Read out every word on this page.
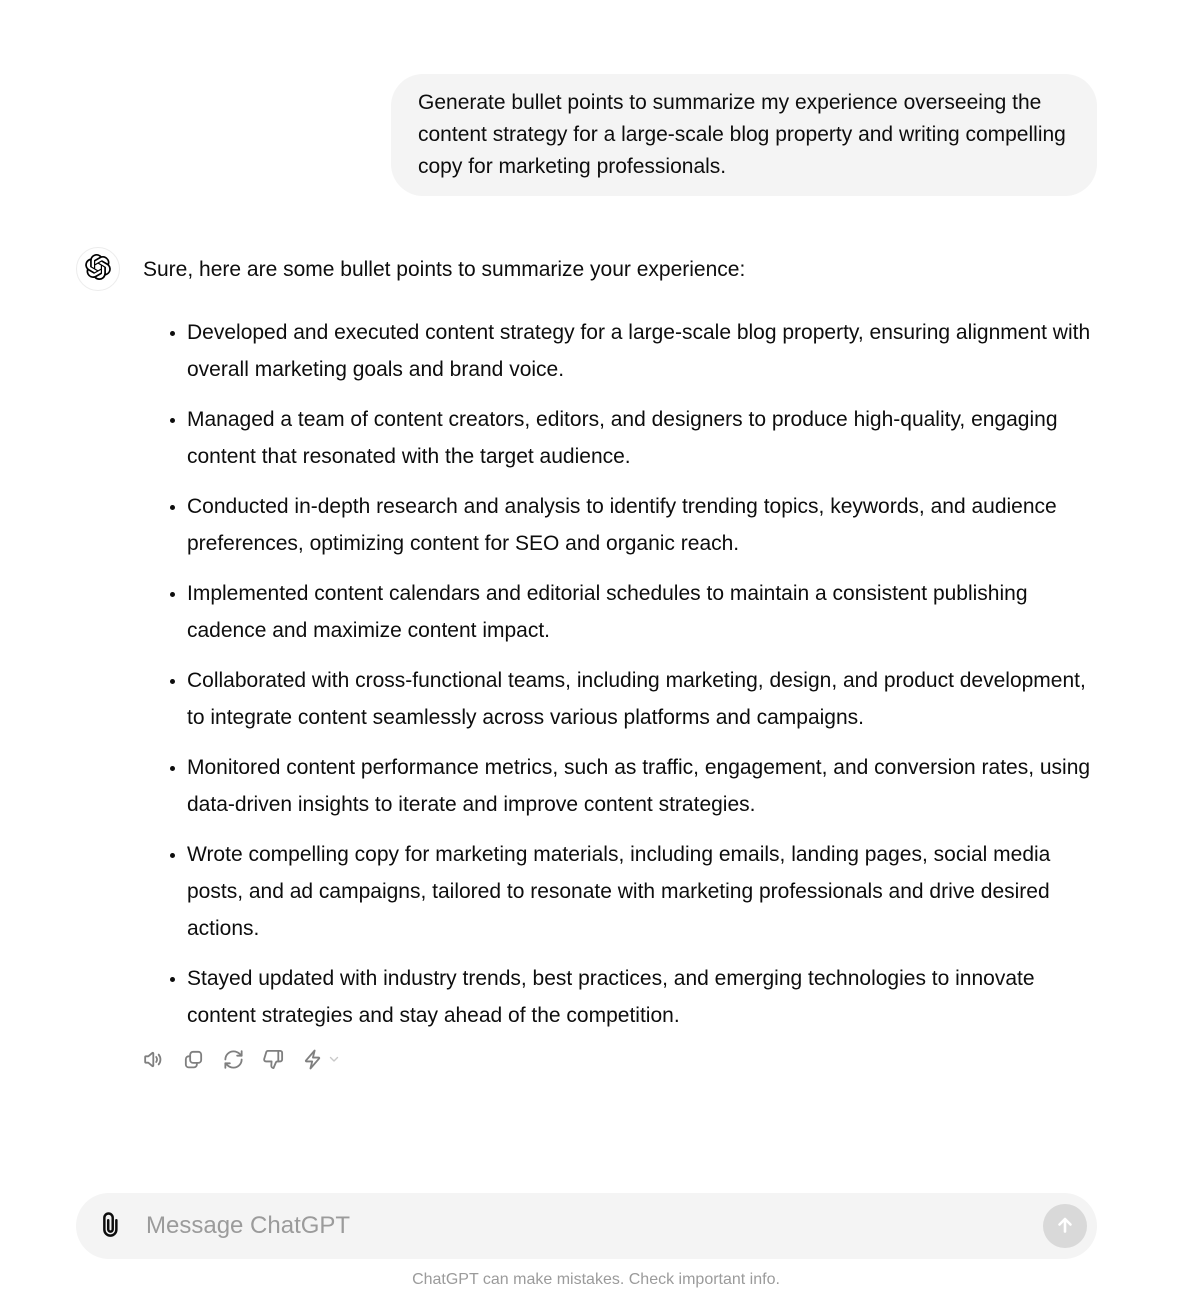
Generate bullet points to summarize my experience overseeing the content strategy for a large-scale blog property and writing compelling copy for marketing professionals.

Sure, here are some bullet points to summarize your experience:

• Developed and executed content strategy for a large-scale blog property, ensuring alignment with overall marketing goals and brand voice.
• Managed a team of content creators, editors, and designers to produce high-quality, engaging content that resonated with the target audience.
• Conducted in-depth research and analysis to identify trending topics, keywords, and audience preferences, optimizing content for SEO and organic reach.
• Implemented content calendars and editorial schedules to maintain a consistent publishing cadence and maximize content impact.
• Collaborated with cross-functional teams, including marketing, design, and product development, to integrate content seamlessly across various platforms and campaigns.
• Monitored content performance metrics, such as traffic, engagement, and conversion rates, using data-driven insights to iterate and improve content strategies.
• Wrote compelling copy for marketing materials, including emails, landing pages, social media posts, and ad campaigns, tailored to resonate with marketing professionals and drive desired actions.
• Stayed updated with industry trends, best practices, and emerging technologies to innovate content strategies and stay ahead of the competition.
Message ChatGPT
ChatGPT can make mistakes. Check important info.
